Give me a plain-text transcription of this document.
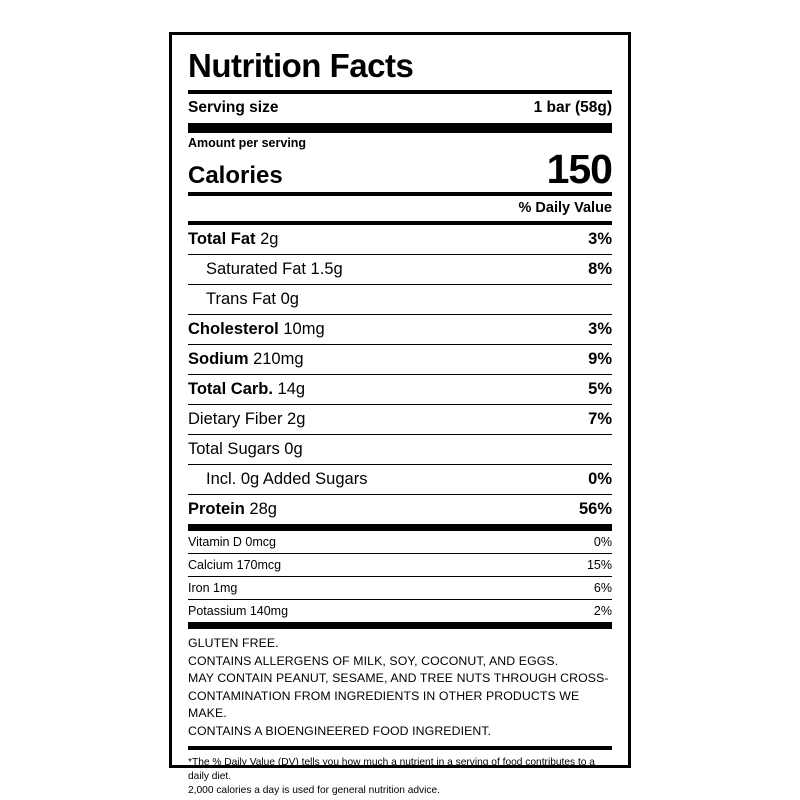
Nutrition Facts
Serving size	1 bar (58g)
Amount per serving
Calories	150
% Daily Value
Total Fat 2g	3%
Saturated Fat 1.5g	8%
Trans Fat 0g
Cholesterol 10mg	3%
Sodium 210mg	9%
Total Carb. 14g	5%
Dietary Fiber 2g	7%
Total Sugars 0g
Incl. 0g Added Sugars	0%
Protein 28g	56%
Vitamin D 0mcg	0%
Calcium 170mcg	15%
Iron 1mg	6%
Potassium 140mg	2%
GLUTEN FREE.
CONTAINS ALLERGENS OF MILK, SOY, COCONUT, AND EGGS.
MAY CONTAIN PEANUT, SESAME, AND TREE NUTS THROUGH CROSS-
CONTAMINATION FROM INGREDIENTS IN OTHER PRODUCTS WE MAKE.
CONTAINS A BIOENGINEERED FOOD INGREDIENT.
*The % Daily Value (DV) tells you how much a nutrient in a serving of food contributes to a daily diet.
2,000 calories a day is used for general nutrition advice.
